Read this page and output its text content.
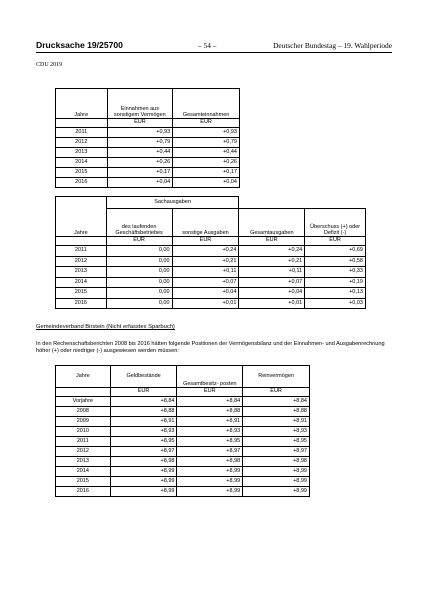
Drucksache 19/25700	– 54 –	Deutscher Bundestag – 19. Wahlperiode
CDU 2019
Jahre	Einnahmen aus sonstigem Vermögen	Gesamteinnahmen
	EUR	EUR
2011	+0,93	+0,93
2012	+0,79	+0,79
2013	+0,44	+0,44
2014	+0,26	+0,26
2015	+0,17	+0,17
2016	+0,04	+0,04
Jahre	Sachausgaben			
	des laufenden Geschäftsbetriebes	sonstige Ausgaben	Gesamtausgaben	Überschuss (+) oder Defizit (-)
	EUR	EUR	EUR	EUR
2011	0,00	+0,24	+0,24	+0,69
2012	0,00	+0,21	+0,21	+0,58
2013	0,00	+0,11	+0,11	+0,33
2014	0,00	+0,07	+0,07	+0,19
2015	0,00	+0,04	+0,04	+0,13
2016	0,00	+0,01	+0,01	+0,03
Gemeindeverband Birstein (Nicht erfasstes Sparbuch)

In den Rechenschaftsberichten 2008 bis 2016 hätten folgende Positionen der Vermögensbilanz und der Einnahmen- und Ausgabenrechnung höher (+) oder niedriger (-) ausgewiesen werden müssen:

Jahre	Geldbestände	Gesamtbesitz- posten	Reinvermögen
	EUR	EUR	EUR
Vorjahre	+8,84	+8,84	+8,84
2008	+8,88	+8,88	+8,88
2009	+8,91	+8,91	+8,91
2010	+8,93	+8,93	+8,93
2011	+8,95	+8,95	+8,95
2012	+8,97	+8,97	+8,97
2013	+8,98	+8,98	+8,98
2014	+8,99	+8,99	+8,99
2015	+8,99	+8,99	+8,99
2016	+8,99	+8,99	+8,99
